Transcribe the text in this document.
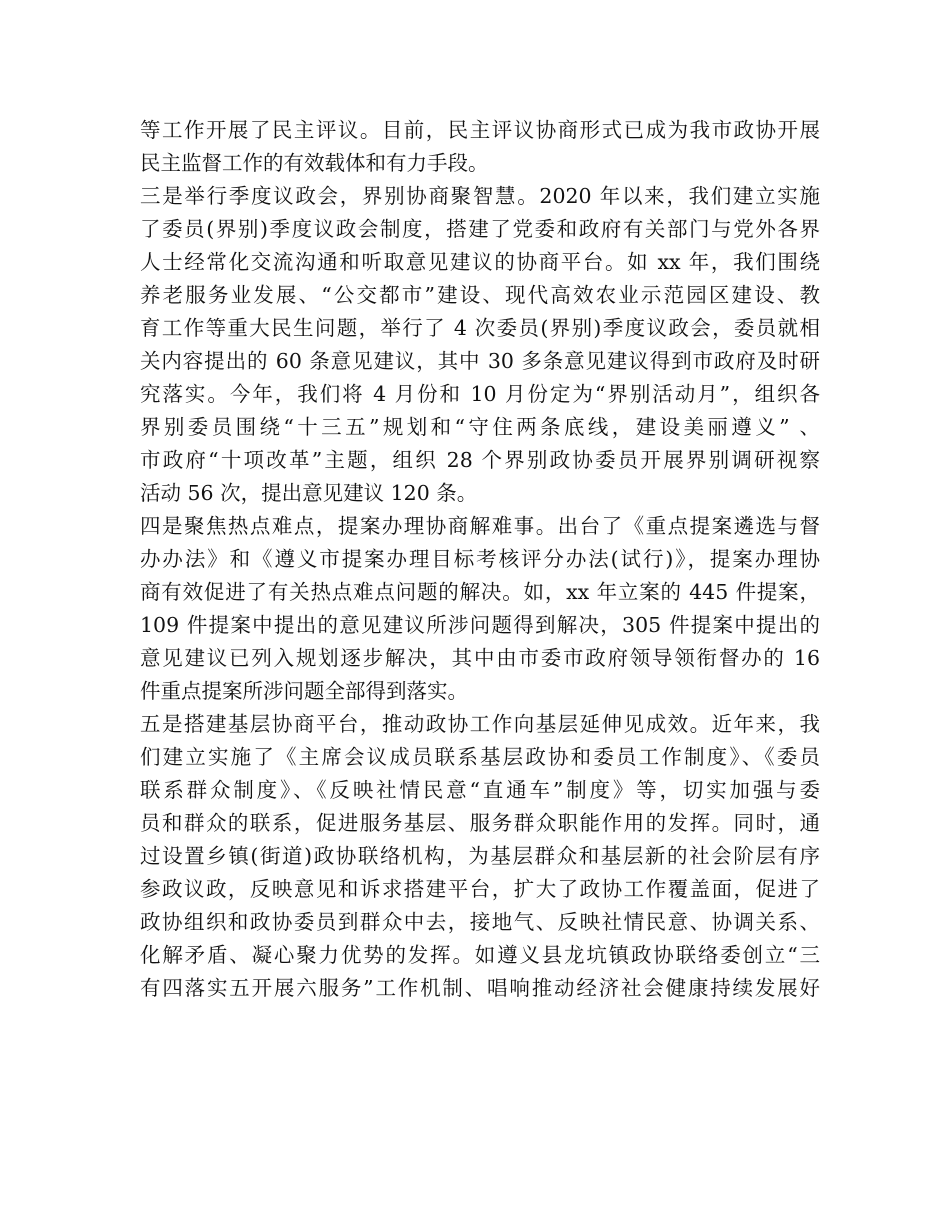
等工作开展了民主评议。目前，民主评议协商形式已成为我市政协开展
民主监督工作的有效载体和有力手段。
三是举行季度议政会，界别协商聚智慧。2020 年以来，我们建立实施
了委员(界别)季度议政会制度，搭建了党委和政府有关部门与党外各界
人士经常化交流沟通和听取意见建议的协商平台。如 xx 年，我们围绕
养老服务业发展、“公交都市”建设、现代高效农业示范园区建设、教
育工作等重大民生问题，举行了 4 次委员(界别)季度议政会，委员就相
关内容提出的 60 条意见建议，其中 30 多条意见建议得到市政府及时研
究落实。今年，我们将 4 月份和 10 月份定为“界别活动月”，组织各
界别委员围绕“十三五”规划和“守住两条底线，建设美丽遵义” 、
市政府“十项改革”主题，组织 28 个界别政协委员开展界别调研视察
活动 56 次，提出意见建议 120 条。
四是聚焦热点难点，提案办理协商解难事。出台了《重点提案遴选与督
办办法》和《遵义市提案办理目标考核评分办法(试行)》，提案办理协
商有效促进了有关热点难点问题的解决。如，xx 年立案的 445 件提案，
109 件提案中提出的意见建议所涉问题得到解决，305 件提案中提出的
意见建议已列入规划逐步解决，其中由市委市政府领导领衔督办的 16
件重点提案所涉问题全部得到落实。
五是搭建基层协商平台，推动政协工作向基层延伸见成效。近年来，我
们建立实施了《主席会议成员联系基层政协和委员工作制度》、《委员
联系群众制度》、《反映社情民意“直通车”制度》等，切实加强与委
员和群众的联系，促进服务基层、服务群众职能作用的发挥。同时，通
过设置乡镇(街道)政协联络机构，为基层群众和基层新的社会阶层有序
参政议政，反映意见和诉求搭建平台，扩大了政协工作覆盖面，促进了
政协组织和政协委员到群众中去，接地气、反映社情民意、协调关系、
化解矛盾、凝心聚力优势的发挥。如遵义县龙坑镇政协联络委创立“三
有四落实五开展六服务”工作机制、唱响推动经济社会健康持续发展好
